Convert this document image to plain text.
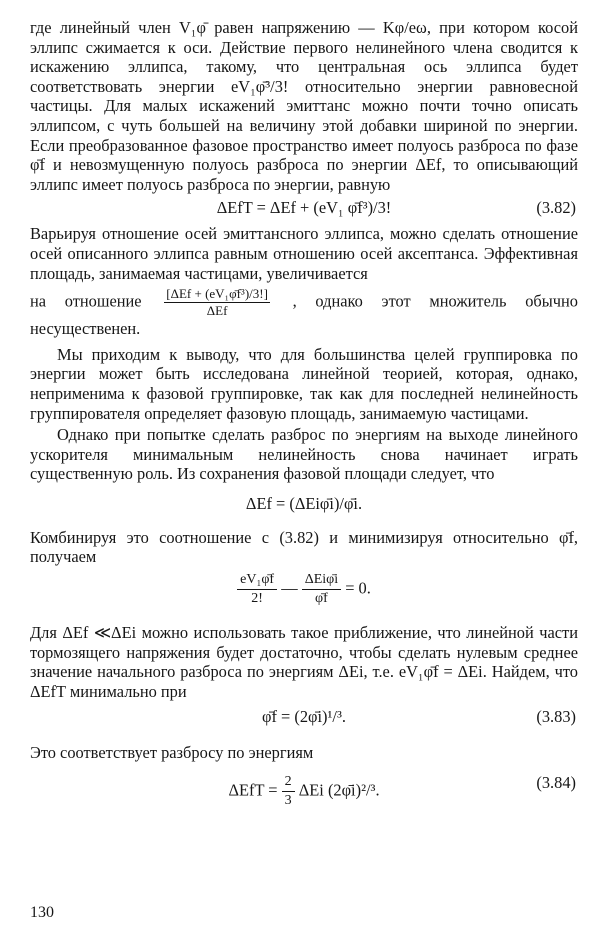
где линейный член V₁φ̄ равен напряжению — Kφ/eω, при котором косой эллипс сжимается к оси. Действие первого нелинейного члена сводится к искажению эллипса, такому, что центральная ось эллипса будет соответствовать энергии eV₁φ̄³/3! относительно энергии равновесной частицы. Для малых искажений эмиттанс можно почти точно описать эллипсом, с чуть большей на величину этой добавки шириной по энергии. Если преобразованное фазовое пространство имеет полуось разброса по фазе φ̄f и невозмущенную полуось разброса по энергии ΔEf, то описывающий эллипс имеет полуось разброса по энергии, равную

ΔEfT = ΔEf + (eV₁ φ̄f³)/3!	(3.82)

Варьируя отношение осей эмиттансного эллипса, можно сделать отношение осей описанного эллипса равным отношению осей аксептанса. Эффективная площадь, занимаемая частицами, увеличивается

на отношение $\frac{\text{[ΔEf + (eV₁φ̄f³)/3!]}}{\text{ΔEf}}$ , однако этот множитель обычно несущественен.

Мы приходим к выводу, что для большинства целей группировка по энергии может быть исследована линейной теорией, которая, однако, неприменима к фазовой группировке, так как для последней нелинейность группирователя определяет фазовую площадь, занимаемую частицами.

Однако при попытке сделать разброс по энергиям на выходе линейного ускорителя минимальным нелинейность снова начинает играть существенную роль. Из сохранения фазовой площади следует, что

ΔEf = (ΔEiφ̄i)/φ̄i.

Комбинируя это соотношение с (3.82) и минимизируя относительно φ̄f, получаем

$\frac{\text{eV₁φ̄f}}{2!}$ — $\frac{\text{ΔEiφ̄i}}{\varphīf} = 0$.

Для ΔEf ≪ΔEi можно использовать такое приближение, что линейной части тормозящего напряжения будет достаточно, чтобы сделать нулевым среднее значение начального разброса по энергиям ΔEi, т.е. eV₁φ̄f = ΔEi. Найдем, что ΔEfT минимально при

φ̄f = (2φ̄i)¹/³.	(3.83)

Это соответствует разбросу по энергиям

$\Delta EfT = \frac{2}{3}$ ΔEi (2φ̄i)²/³.	(3.84)
130
